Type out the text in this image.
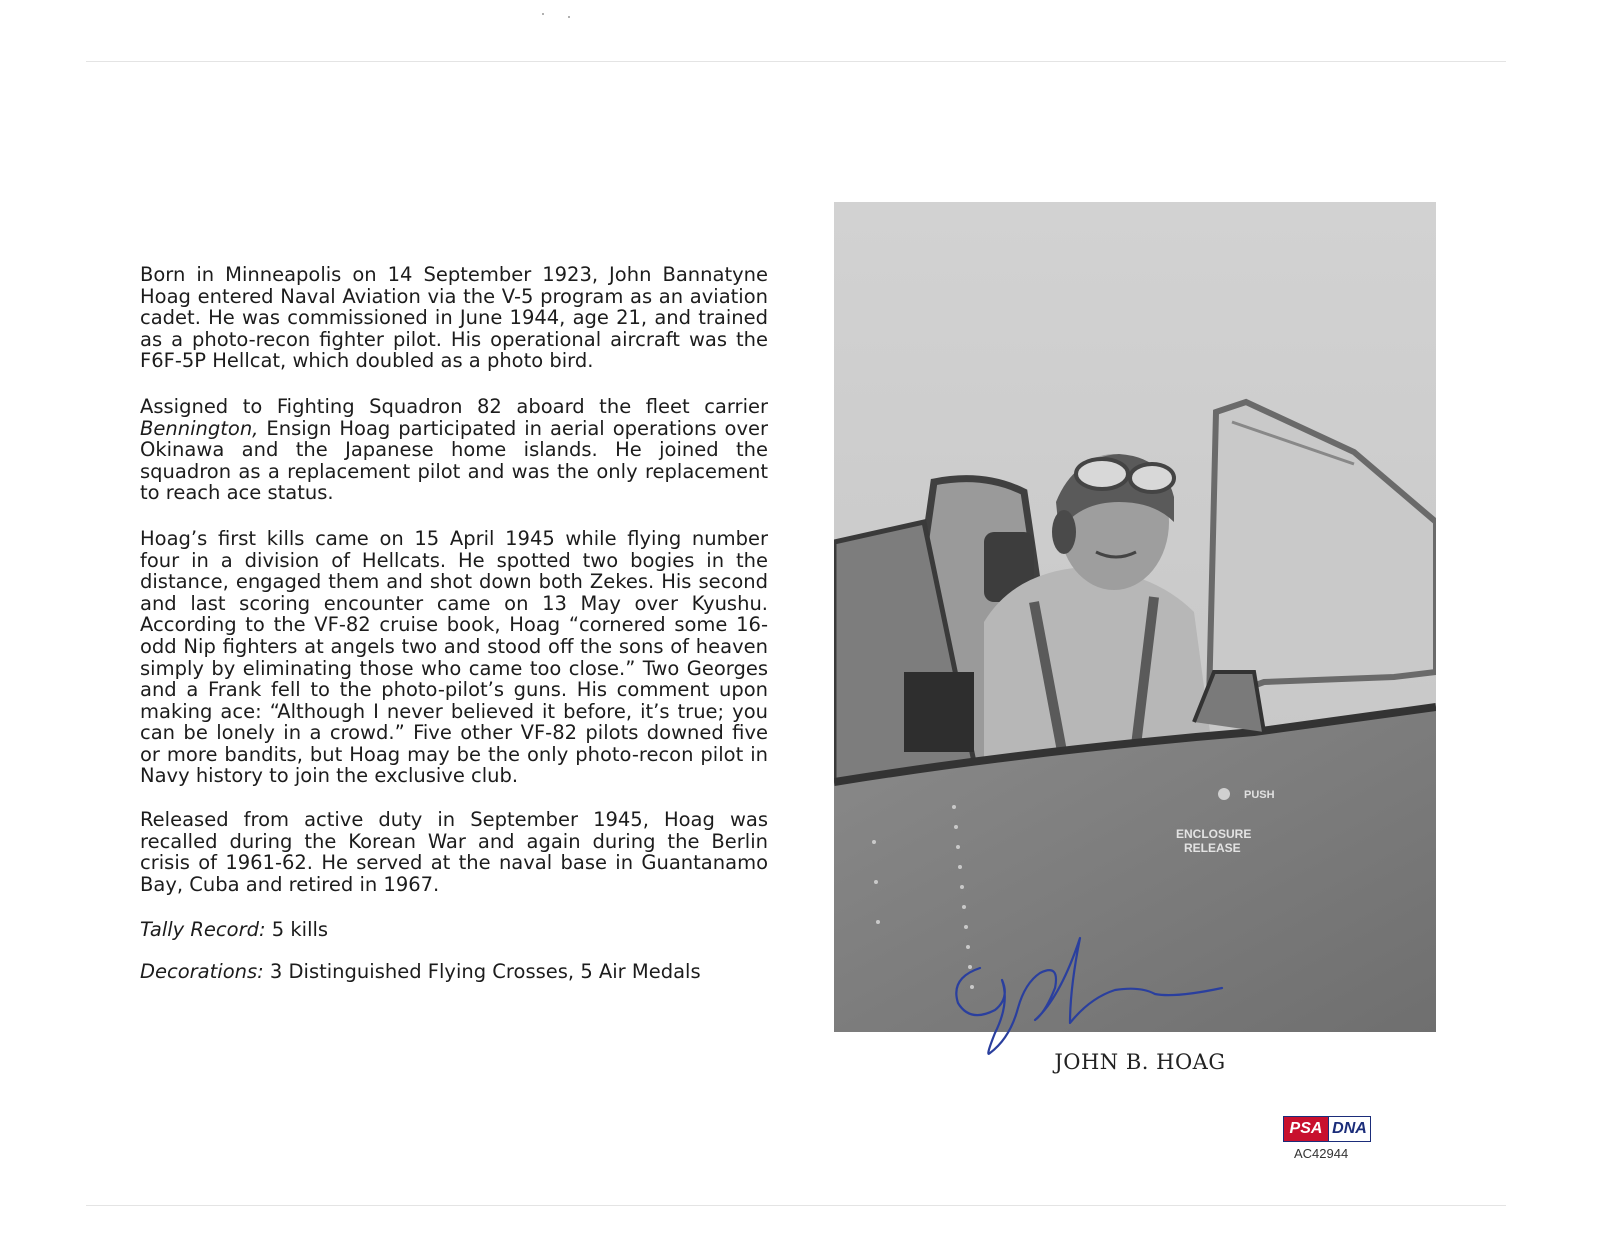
Born in Minneapolis on 14 September 1923, John Bannatyne Hoag entered Naval Aviation via the V-5 program as an aviation cadet. He was commissioned in June 1944, age 21, and trained as a photo-recon fighter pilot. His operational aircraft was the F6F-5P Hellcat, which doubled as a photo bird.

Assigned to Fighting Squadron 82 aboard the fleet carrier Bennington, Ensign Hoag participated in aerial operations over Okinawa and the Japanese home islands. He joined the squadron as a replacement pilot and was the only replacement to reach ace status.

Hoag’s first kills came on 15 April 1945 while flying number four in a division of Hellcats. He spotted two bogies in the distance, engaged them and shot down both Zekes. His second and last scoring encounter came on 13 May over Kyushu. According to the VF-82 cruise book, Hoag “cornered some 16-odd Nip fighters at angels two and stood off the sons of heaven simply by eliminating those who came too close.” Two Georges and a Frank fell to the photo-pilot’s guns. His comment upon making ace: “Although I never believed it before, it’s true; you can be lonely in a crowd.” Five other VF-82 pilots downed five or more bandits, but Hoag may be the only photo-recon pilot in Navy history to join the exclusive club.

Released from active duty in September 1945, Hoag was recalled during the Korean War and again during the Berlin crisis of 1961-62. He served at the naval base in Guantanamo Bay, Cuba and retired in 1967.

Tally Record: 5 kills

Decorations: 3 Distinguished Flying Crosses, 5 Air Medals

PUSH
ENCLOSURE
RELEASE
JOHN B. HOAG
PSA DNA
AC42944
